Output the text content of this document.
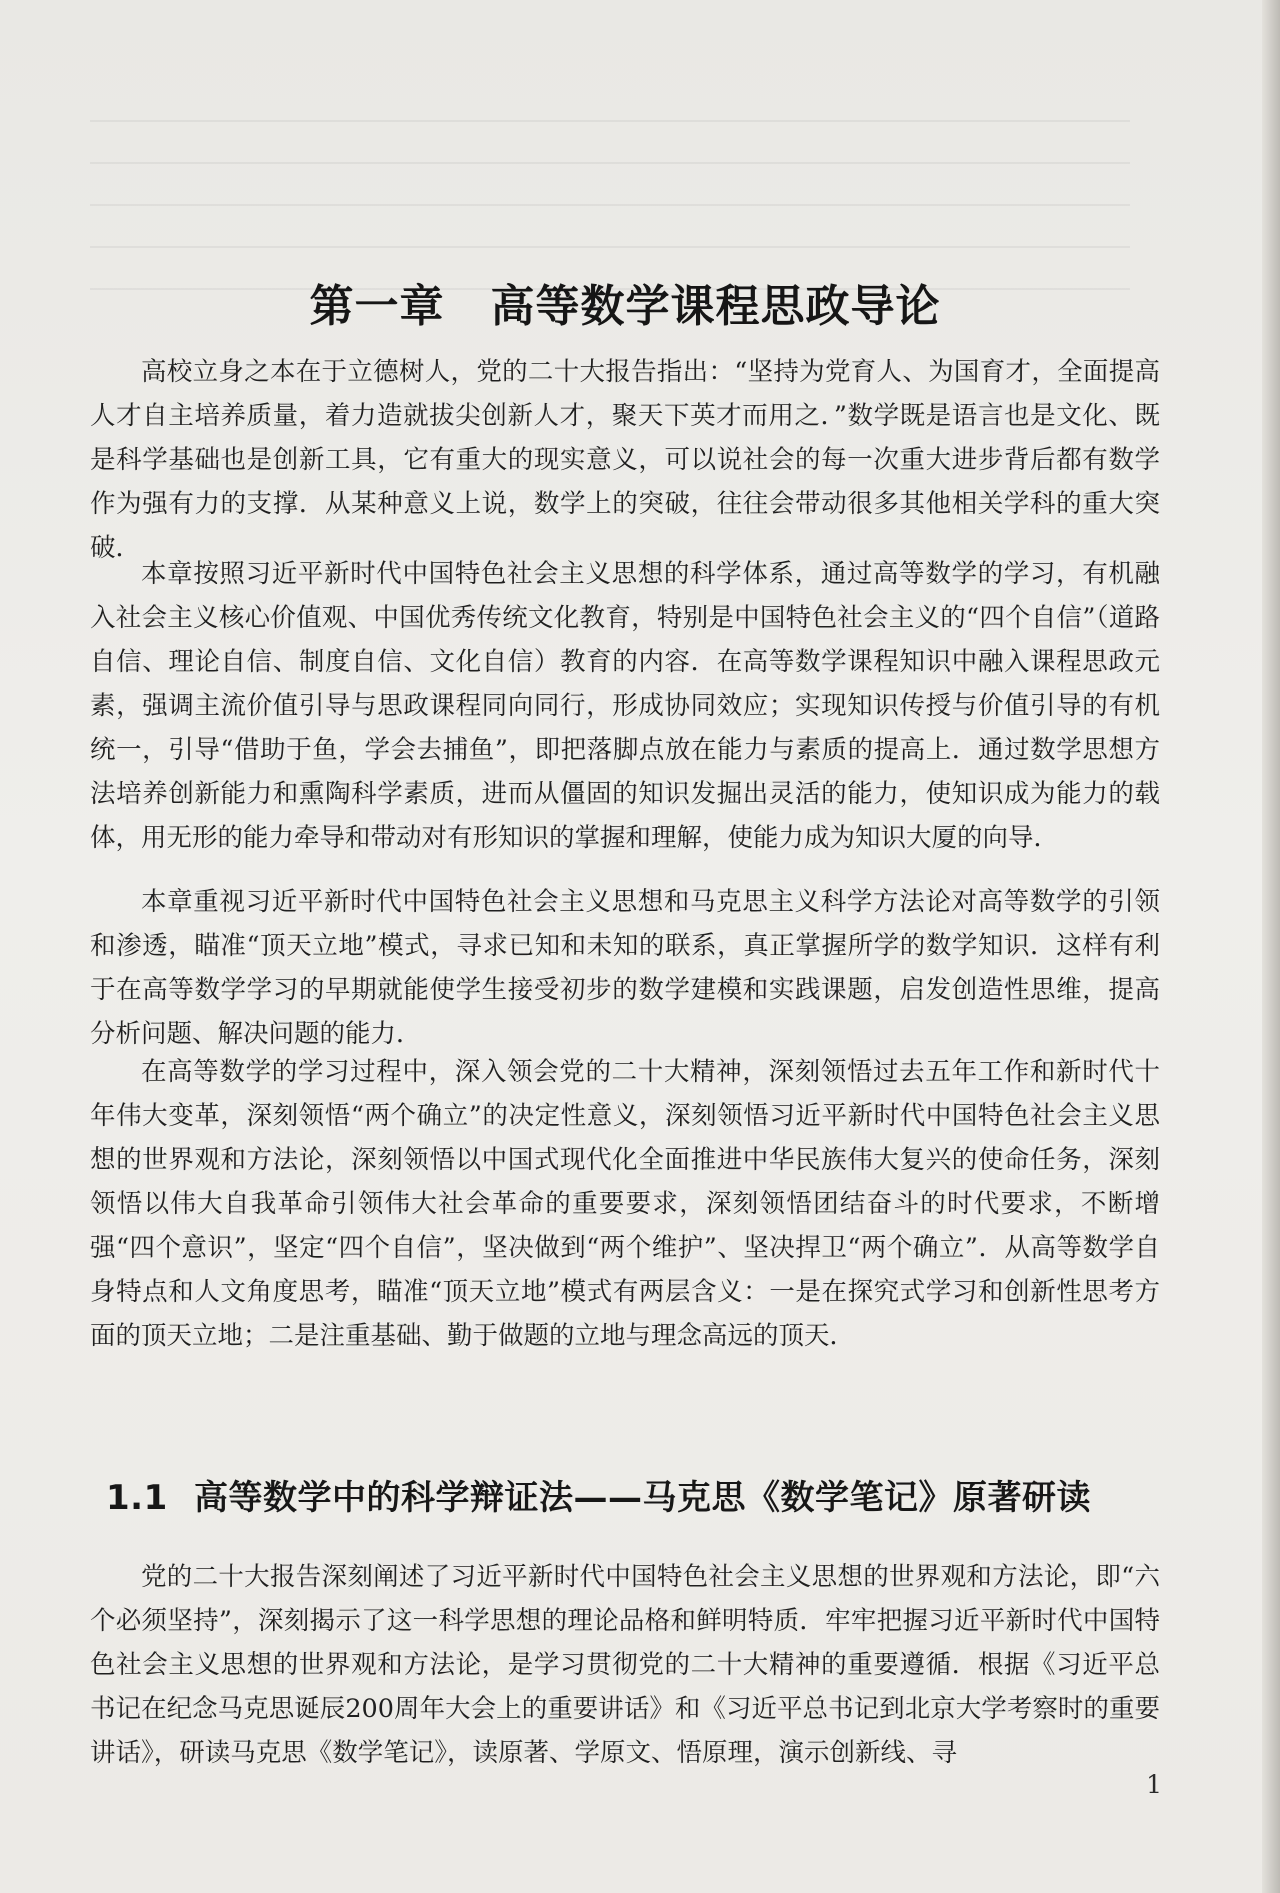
第一章 高等数学课程思政导论

高校立身之本在于立德树人，党的二十大报告指出：“坚持为党育人、为国育才，全面提高人才自主培养质量，着力造就拔尖创新人才，聚天下英才而用之．”数学既是语言也是文化、既是科学基础也是创新工具，它有重大的现实意义，可以说社会的每一次重大进步背后都有数学作为强有力的支撑．从某种意义上说，数学上的突破，往往会带动很多其他相关学科的重大突破．

本章按照习近平新时代中国特色社会主义思想的科学体系，通过高等数学的学习，有机融入社会主义核心价值观、中国优秀传统文化教育，特别是中国特色社会主义的“四个自信”（道路自信、理论自信、制度自信、文化自信）教育的内容．在高等数学课程知识中融入课程思政元素，强调主流价值引导与思政课程同向同行，形成协同效应；实现知识传授与价值引导的有机统一，引导“借助于鱼，学会去捕鱼”，即把落脚点放在能力与素质的提高上．通过数学思想方法培养创新能力和熏陶科学素质，进而从僵固的知识发掘出灵活的能力，使知识成为能力的载体，用无形的能力牵导和带动对有形知识的掌握和理解，使能力成为知识大厦的向导．

本章重视习近平新时代中国特色社会主义思想和马克思主义科学方法论对高等数学的引领和渗透，瞄准“顶天立地”模式，寻求已知和未知的联系，真正掌握所学的数学知识．这样有利于在高等数学学习的早期就能使学生接受初步的数学建模和实践课题，启发创造性思维，提高分析问题、解决问题的能力．

在高等数学的学习过程中，深入领会党的二十大精神，深刻领悟过去五年工作和新时代十年伟大变革，深刻领悟“两个确立”的决定性意义，深刻领悟习近平新时代中国特色社会主义思想的世界观和方法论，深刻领悟以中国式现代化全面推进中华民族伟大复兴的使命任务，深刻领悟以伟大自我革命引领伟大社会革命的重要要求，深刻领悟团结奋斗的时代要求，不断增强“四个意识”，坚定“四个自信”，坚决做到“两个维护”、坚决捍卫“两个确立”．从高等数学自身特点和人文角度思考，瞄准“顶天立地”模式有两层含义：一是在探究式学习和创新性思考方面的顶天立地；二是注重基础、勤于做题的立地与理念高远的顶天．

1.1 高等数学中的科学辩证法——马克思《数学笔记》原著研读

党的二十大报告深刻阐述了习近平新时代中国特色社会主义思想的世界观和方法论，即“六个必须坚持”，深刻揭示了这一科学思想的理论品格和鲜明特质．牢牢把握习近平新时代中国特色社会主义思想的世界观和方法论，是学习贯彻党的二十大精神的重要遵循．根据《习近平总书记在纪念马克思诞辰200周年大会上的重要讲话》和《习近平总书记到北京大学考察时的重要讲话》，研读马克思《数学笔记》，读原著、学原文、悟原理，演示创新线、寻

1
